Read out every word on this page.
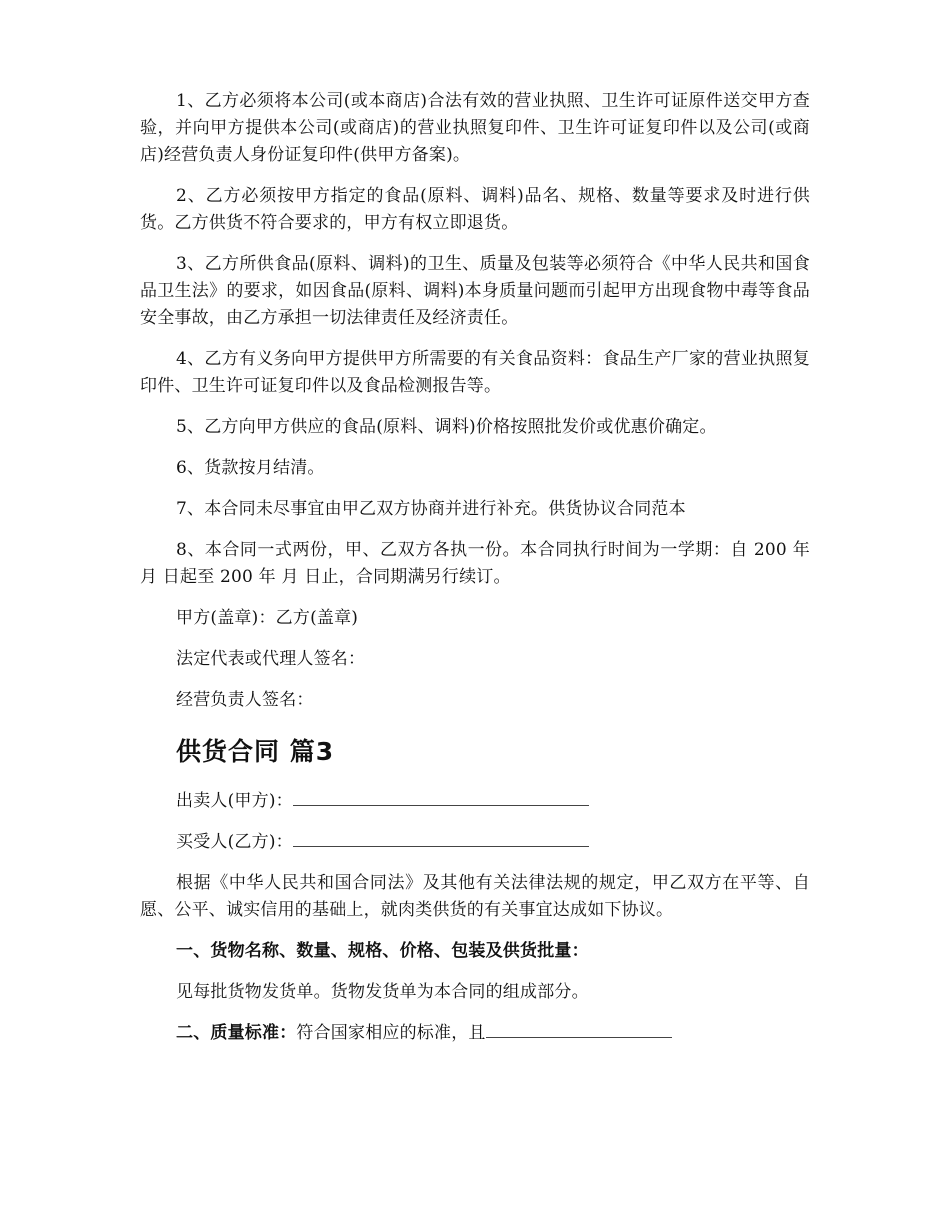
1、乙方必须将本公司(或本商店)合法有效的营业执照、卫生许可证原件送交甲方查验，并向甲方提供本公司(或商店)的营业执照复印件、卫生许可证复印件以及公司(或商店)经营负责人身份证复印件(供甲方备案)。

2、乙方必须按甲方指定的食品(原料、调料)品名、规格、数量等要求及时进行供货。乙方供货不符合要求的，甲方有权立即退货。

3、乙方所供食品(原料、调料)的卫生、质量及包装等必须符合《中华人民共和国食品卫生法》的要求，如因食品(原料、调料)本身质量问题而引起甲方出现食物中毒等食品安全事故，由乙方承担一切法律责任及经济责任。

4、乙方有义务向甲方提供甲方所需要的有关食品资料：食品生产厂家的营业执照复印件、卫生许可证复印件以及食品检测报告等。

5、乙方向甲方供应的食品(原料、调料)价格按照批发价或优惠价确定。

6、货款按月结清。

7、本合同未尽事宜由甲乙双方协商并进行补充。供货协议合同范本

8、本合同一式两份，甲、乙双方各执一份。本合同执行时间为一学期：自 200 年 月 日起至 200 年 月 日止，合同期满另行续订。

甲方(盖章)：乙方(盖章)

法定代表或代理人签名：

经营负责人签名：

供货合同 篇3

出卖人(甲方)：

买受人(乙方)：

根据《中华人民共和国合同法》及其他有关法律法规的规定，甲乙双方在平等、自愿、公平、诚实信用的基础上，就肉类供货的有关事宜达成如下协议。

一、货物名称、数量、规格、价格、包装及供货批量：

见每批货物发货单。货物发货单为本合同的组成部分。

二、质量标准：符合国家相应的标准，且
